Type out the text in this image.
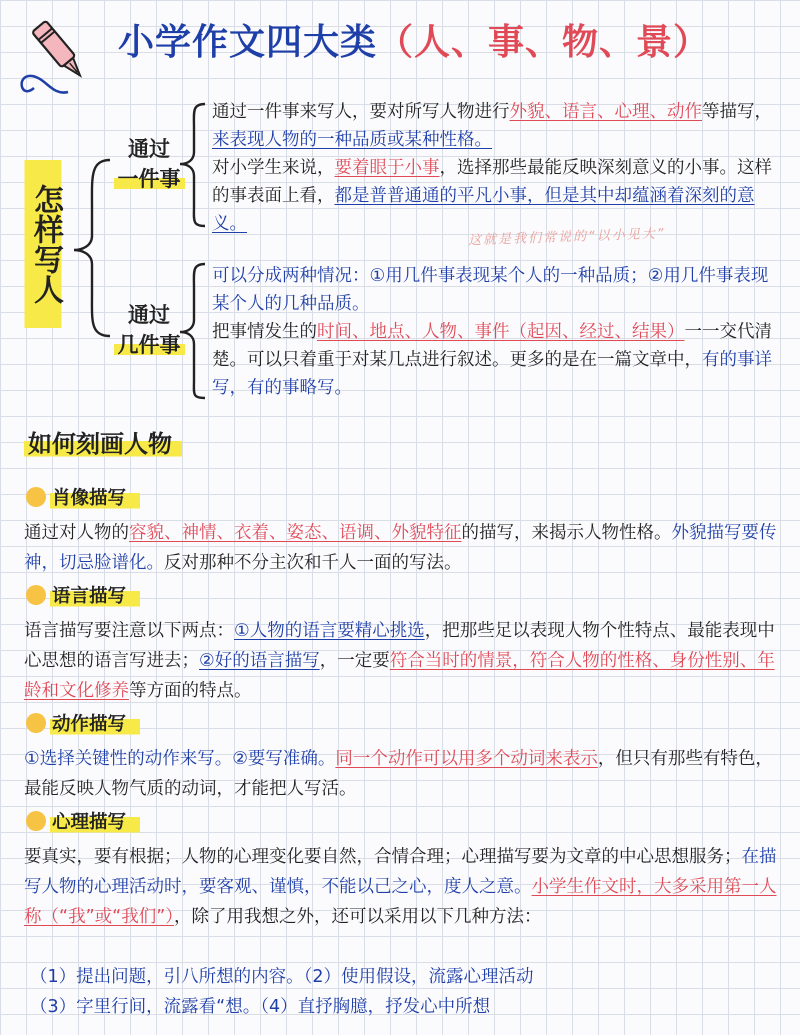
小学作文四大类（人、事、物、景）
怎样写人
通过
一件事
通过
几件事
通过一件事来写人，要对所写人物进行外貌、语言、心理、动作等描写，来表现人物的一种品质或某种性格。
对小学生来说，要着眼于小事，选择那些最能反映深刻意义的小事。这样的事表面上看，都是普普通通的平凡小事，但是其中却蕴涵着深刻的意义。
这就是我们常说的“以小见大”
可以分成两种情况：①用几件事表现某个人的一种品质；②用几件事表现某个人的几种品质。
把事情发生的时间、地点、人物、事件（起因、经过、结果）一一交代清楚。可以只着重于对某几点进行叙述。更多的是在一篇文章中，有的事详写，有的事略写。
如何刻画人物
肖像描写
通过对人物的容貌、神情、衣着、姿态、语调、外貌特征的描写，来揭示人物性格。外貌描写要传神，切忌脸谱化。反对那种不分主次和千人一面的写法。
语言描写
语言描写要注意以下两点：①人物的语言要精心挑选，把那些足以表现人物个性特点、最能表现中心思想的语言写进去；②好的语言描写，一定要符合当时的情景，符合人物的性格、身份性别、年龄和文化修养等方面的特点。
动作描写
①选择关键性的动作来写。②要写准确。同一个动作可以用多个动词来表示，但只有那些有特色，最能反映人物气质的动词，才能把人写活。
心理描写
要真实，要有根据；人物的心理变化要自然，合情合理；心理描写要为文章的中心思想服务；在描写人物的心理活动时，要客观、谨慎，不能以己之心，度人之意。小学生作文时，大多采用第一人称（“我”或“我们”），除了用我想之外，还可以采用以下几种方法：
（1）提出问题，引八所想的内容。（2）使用假设，流露心理活动
（3）字里行间，流露看“想。（4）直抒胸臆，抒发心中所想
